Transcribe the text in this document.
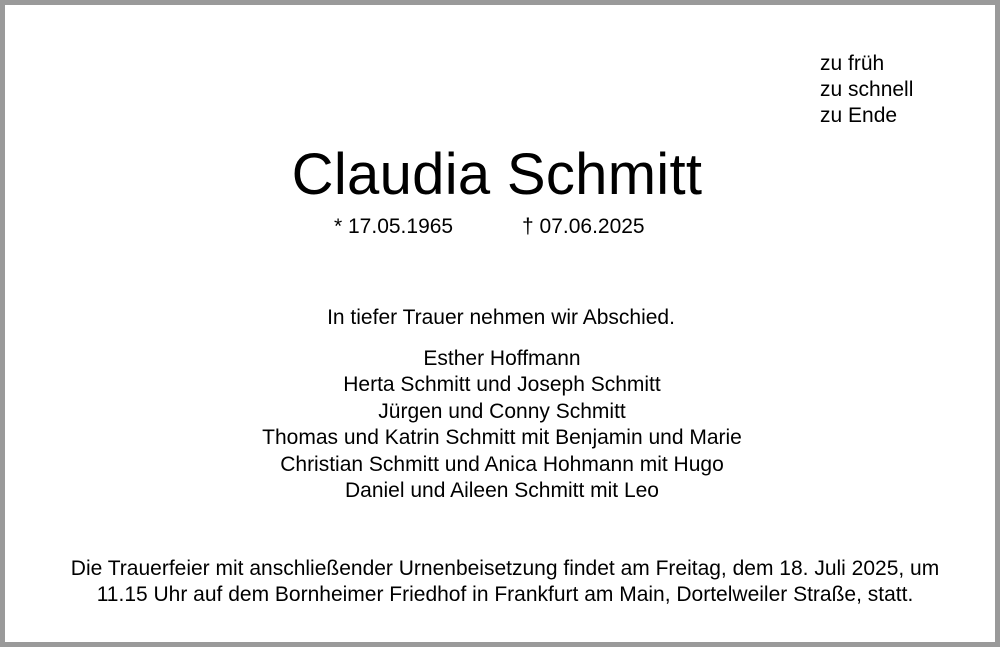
zu früh
zu schnell
zu Ende
Claudia Schmitt
* 17.05.1965	† 07.06.2025
In tiefer Trauer nehmen wir Abschied.
Esther Hoffmann
Herta Schmitt und Joseph Schmitt
Jürgen und Conny Schmitt
Thomas und Katrin Schmitt mit Benjamin und Marie
Christian Schmitt und Anica Hohmann mit Hugo
Daniel und Aileen Schmitt mit Leo
Die Trauerfeier mit anschließender Urnenbeisetzung findet am Freitag, dem 18. Juli 2025, um
11.15 Uhr auf dem Bornheimer Friedhof in Frankfurt am Main, Dortelweiler Straße, statt.
